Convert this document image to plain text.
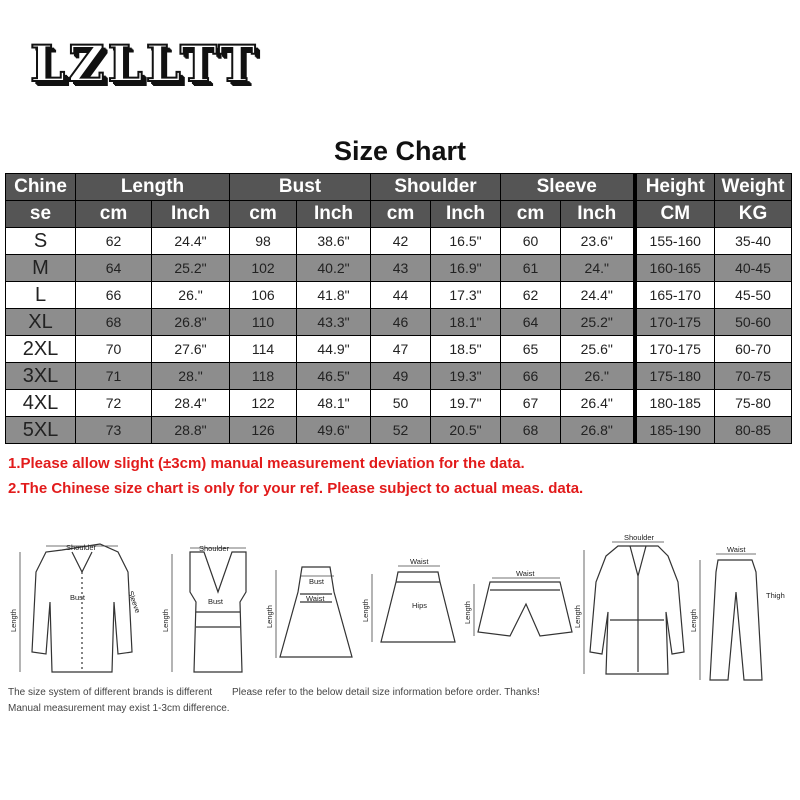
LZLLTT
Size Chart
Chine	Length		Bust		Shoulder		Sleeve		Height	Weight
se	cm	Inch	cm	Inch	cm	Inch	cm	Inch	CM	KG
S	62	24.4"	98	38.6"	42	16.5"	60	23.6"	155-160	35-40
M	64	25.2"	102	40.2"	43	16.9"	61	24."	160-165	40-45
L	66	26."	106	41.8"	44	17.3"	62	24.4"	165-170	45-50
XL	68	26.8"	110	43.3"	46	18.1"	64	25.2"	170-175	50-60
2XL	70	27.6"	114	44.9"	47	18.5"	65	25.6"	170-175	60-70
3XL	71	28."	118	46.5"	49	19.3"	66	26."	175-180	70-75
4XL	72	28.4"	122	48.1"	50	19.7"	67	26.4"	180-185	75-80
5XL	73	28.8"	126	49.6"	52	20.5"	68	26.8"	185-190	80-85
1.Please allow slight (±3cm) manual measurement deviation for the data.
2.The Chinese size chart is only for your ref. Please subject to actual meas. data.
Shoulder
Bust	Sleeve
Length
Shoulder
Bust
Length
Bust
Waist
Length
Waist
Hips
Length
Waist
Length
Shoulder
Length
Waist
Thigh
Length
The size system of different brands is different Please refer to the below detail size information before order. Thanks!
Manual measurement may exist 1-3cm difference.
